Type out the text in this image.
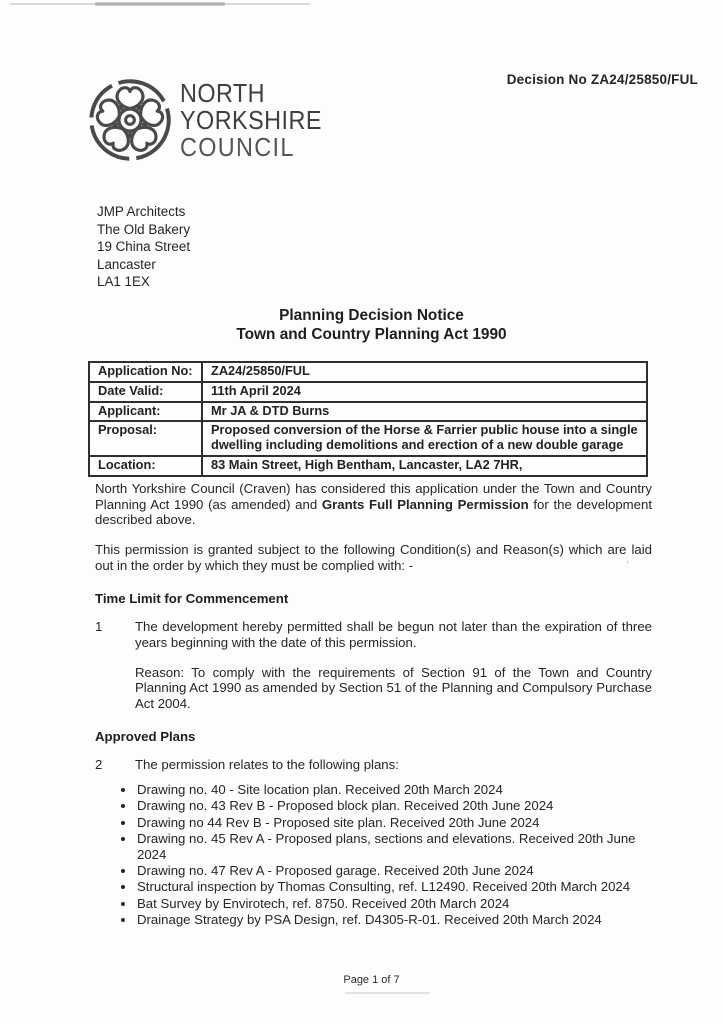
’
Decision No ZA24/25850/FUL
NORTH
YORKSHIRE
COUNCIL
JMP Architects
The Old Bakery
19 China Street
Lancaster
LA1 1EX
Planning Decision Notice
Town and Country Planning Act 1990
Application No:	ZA24/25850/FUL
Date Valid:	11th April 2024
Applicant:	Mr JA & DTD Burns
Proposal:	Proposed conversion of the Horse & Farrier public house into a single dwelling including demolitions and erection of a new double garage
Location:	83 Main Street, High Bentham, Lancaster, LA2 7HR,

North Yorkshire Council (Craven) has considered this application under the Town and Country Planning Act 1990 (as amended) and Grants Full Planning Permission for the development described above.

This permission is granted subject to the following Condition(s) and Reason(s) which are laid out in the order by which they must be complied with: -

Time Limit for Commencement
1	The development hereby permitted shall be begun not later than the expiration of three years beginning with the date of this permission.

Reason: To comply with the requirements of Section 91 of the Town and Country Planning Act 1990 as amended by Section 51 of the Planning and Compulsory Purchase Act 2004.

Approved Plans
2	The permission relates to the following plans:
• Drawing no. 40 - Site location plan. Received 20th March 2024
• Drawing no. 43 Rev B - Proposed block plan. Received 20th June 2024
• Drawing no 44 Rev B - Proposed site plan. Received 20th June 2024
• Drawing no. 45 Rev A - Proposed plans, sections and elevations. Received 20th June 2024
• Drawing no. 47 Rev A - Proposed garage. Received 20th June 2024
• Structural inspection by Thomas Consulting, ref. L12490. Received 20th March 2024
• Bat Survey by Envirotech, ref. 8750. Received 20th March 2024
• Drainage Strategy by PSA Design, ref. D4305-R-01. Received 20th March 2024
Page 1 of 7
